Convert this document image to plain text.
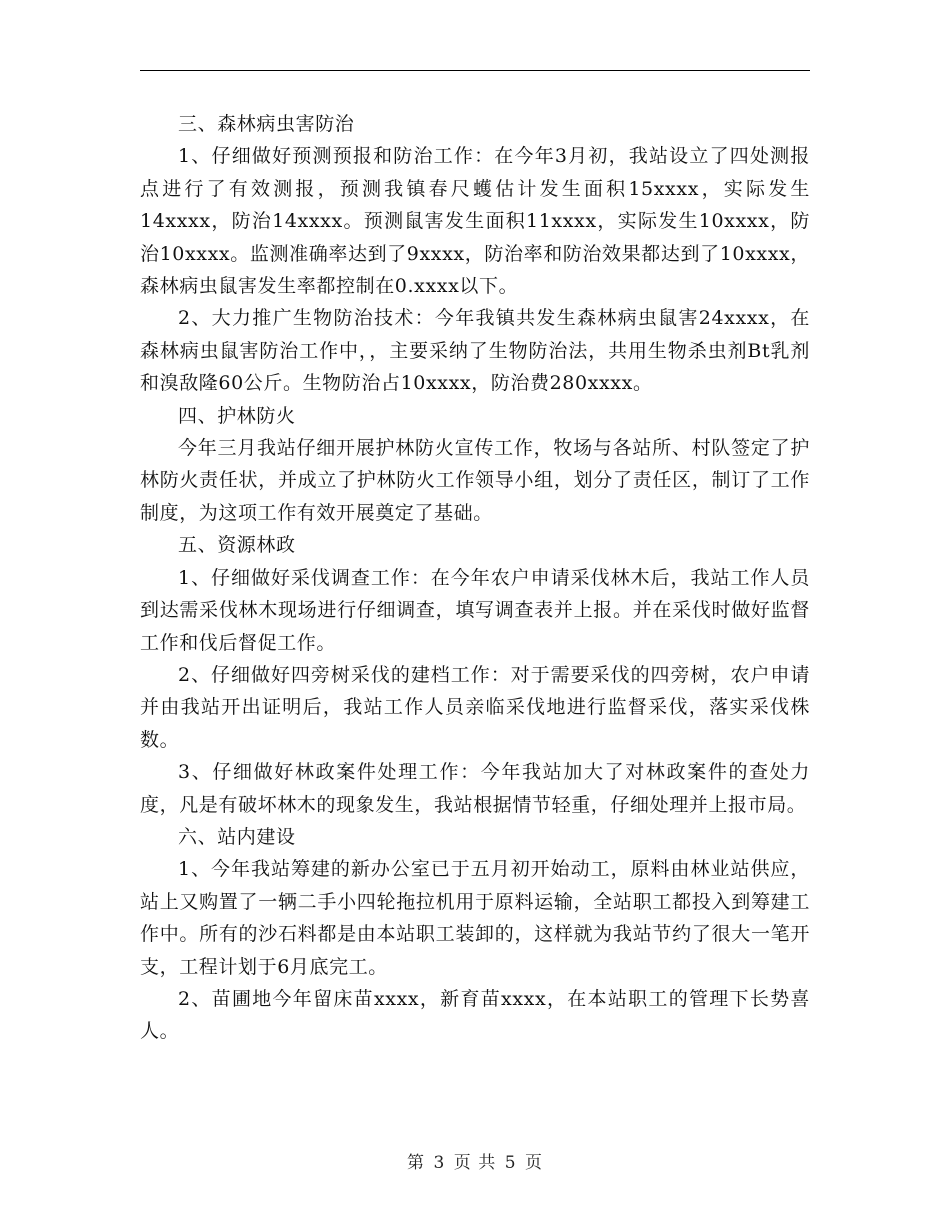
三、森林病虫害防治

1、仔细做好预测预报和防治工作：在今年3月初，我站设立了四处测报点进行了有效测报，预测我镇春尺蠖估计发生面积15xxxx，实际发生14xxxx，防治14xxxx。预测鼠害发生面积11xxxx，实际发生10xxxx，防治10xxxx。监测准确率达到了9xxxx，防治率和防治效果都达到了10xxxx，森林病虫鼠害发生率都控制在0.xxxx以下。

2、大力推广生物防治技术：今年我镇共发生森林病虫鼠害24xxxx，在森林病虫鼠害防治工作中，，主要采纳了生物防治法，共用生物杀虫剂Bt乳剂和溴敌隆60公斤。生物防治占10xxxx，防治费280xxxx。

四、护林防火

今年三月我站仔细开展护林防火宣传工作，牧场与各站所、村队签定了护林防火责任状，并成立了护林防火工作领导小组，划分了责任区，制订了工作制度，为这项工作有效开展奠定了基础。

五、资源林政

1、仔细做好采伐调查工作：在今年农户申请采伐林木后，我站工作人员到达需采伐林木现场进行仔细调查，填写调查表并上报。并在采伐时做好监督工作和伐后督促工作。

2、仔细做好四旁树采伐的建档工作：对于需要采伐的四旁树，农户申请并由我站开出证明后，我站工作人员亲临采伐地进行监督采伐，落实采伐株数。

3、仔细做好林政案件处理工作：今年我站加大了对林政案件的查处力度，凡是有破坏林木的现象发生，我站根据情节轻重，仔细处理并上报市局。

六、站内建设

1、今年我站筹建的新办公室已于五月初开始动工，原料由林业站供应，站上又购置了一辆二手小四轮拖拉机用于原料运输，全站职工都投入到筹建工作中。所有的沙石料都是由本站职工装卸的，这样就为我站节约了很大一笔开支，工程计划于6月底完工。

2、苗圃地今年留床苗xxxx，新育苗xxxx，在本站职工的管理下长势喜人。

第 3 页 共 5 页
